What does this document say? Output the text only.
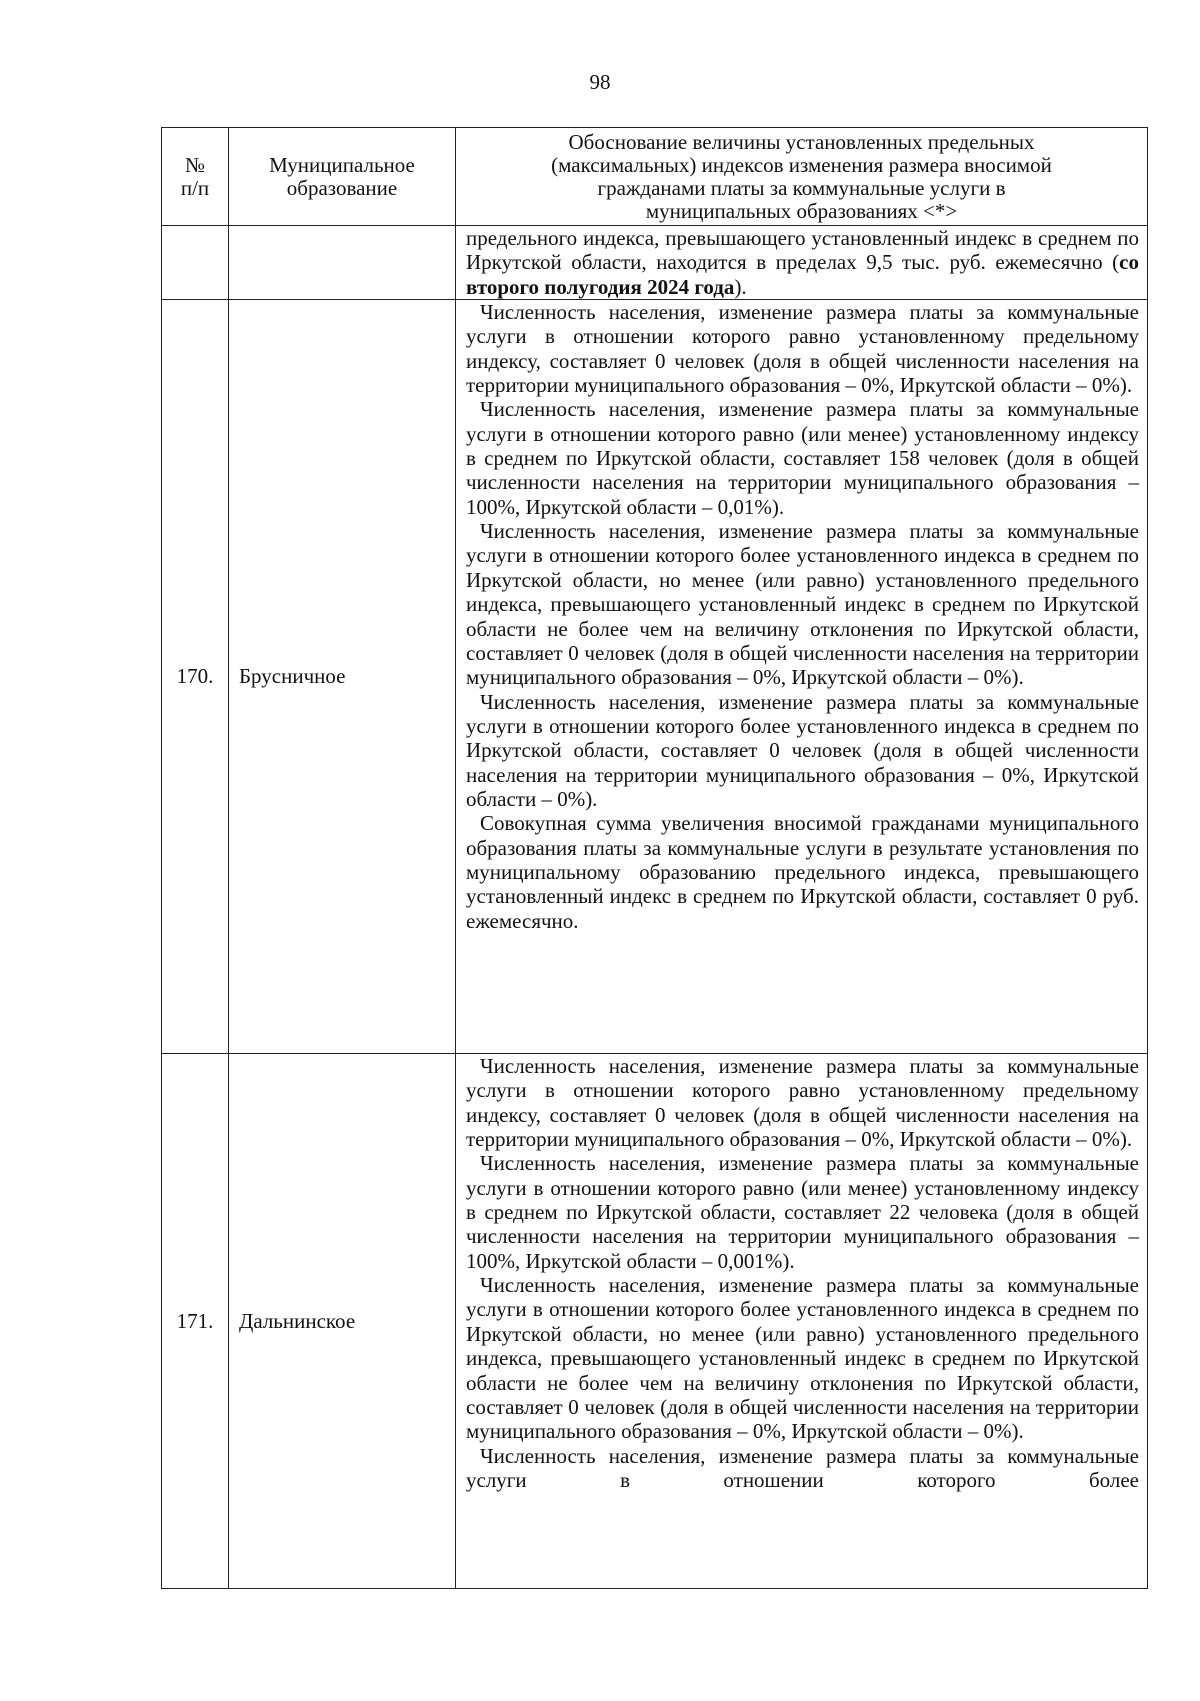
98
№
п/п	Муниципальное образование	Обоснование величины установленных предельных (максимальных) индексов изменения размера вносимой гражданами платы за коммунальные услуги в муниципальных образованиях <*>

		предельного индекса, превышающего установленный индекс в среднем по Иркутской области, находится в пределах 9,5 тыс. руб. ежемесячно (со второго полугодия 2024 года).

170.	Брусничное	Численность населения, изменение размера платы за коммунальные услуги в отношении которого равно установленному предельному индексу, составляет 0 человек (доля в общей численности населения на территории муниципального образования – 0%, Иркутской области – 0%).

Численность населения, изменение размера платы за коммунальные услуги в отношении которого равно (или менее) установленному индексу в среднем по Иркутской области, составляет 158 человек (доля в общей численности населения на территории муниципального образования – 100%, Иркутской области – 0,01%).

Численность населения, изменение размера платы за коммунальные услуги в отношении которого более установленного индекса в среднем по Иркутской области, но менее (или равно) установленного предельного индекса, превышающего установленный индекс в среднем по Иркутской области не более чем на величину отклонения по Иркутской области, составляет 0 человек (доля в общей численности населения на территории муниципального образования – 0%, Иркутской области – 0%).

Численность населения, изменение размера платы за коммунальные услуги в отношении которого более установленного индекса в среднем по Иркутской области, составляет 0 человек (доля в общей численности населения на территории муниципального образования – 0%, Иркутской области – 0%).

Совокупная сумма увеличения вносимой гражданами муниципального образования платы за коммунальные услуги в результате установления по муниципальному образованию предельного индекса, превышающего установленный индекс в среднем по Иркутской области, составляет 0 руб. ежемесячно.

171.	Дальнинское	Численность населения, изменение размера платы за коммунальные услуги в отношении которого равно установленному предельному индексу, составляет 0 человек (доля в общей численности населения на территории муниципального образования – 0%, Иркутской области – 0%).

Численность населения, изменение размера платы за коммунальные услуги в отношении которого равно (или менее) установленному индексу в среднем по Иркутской области, составляет 22 человека (доля в общей численности населения на территории муниципального образования – 100%, Иркутской области – 0,001%).

Численность населения, изменение размера платы за коммунальные услуги в отношении которого более установленного индекса в среднем по Иркутской области, но менее (или равно) установленного предельного индекса, превышающего установленный индекс в среднем по Иркутской области не более чем на величину отклонения по Иркутской области, составляет 0 человек (доля в общей численности населения на территории муниципального образования – 0%, Иркутской области – 0%).

Численность населения, изменение размера платы за коммунальные услуги в отношении которого более
